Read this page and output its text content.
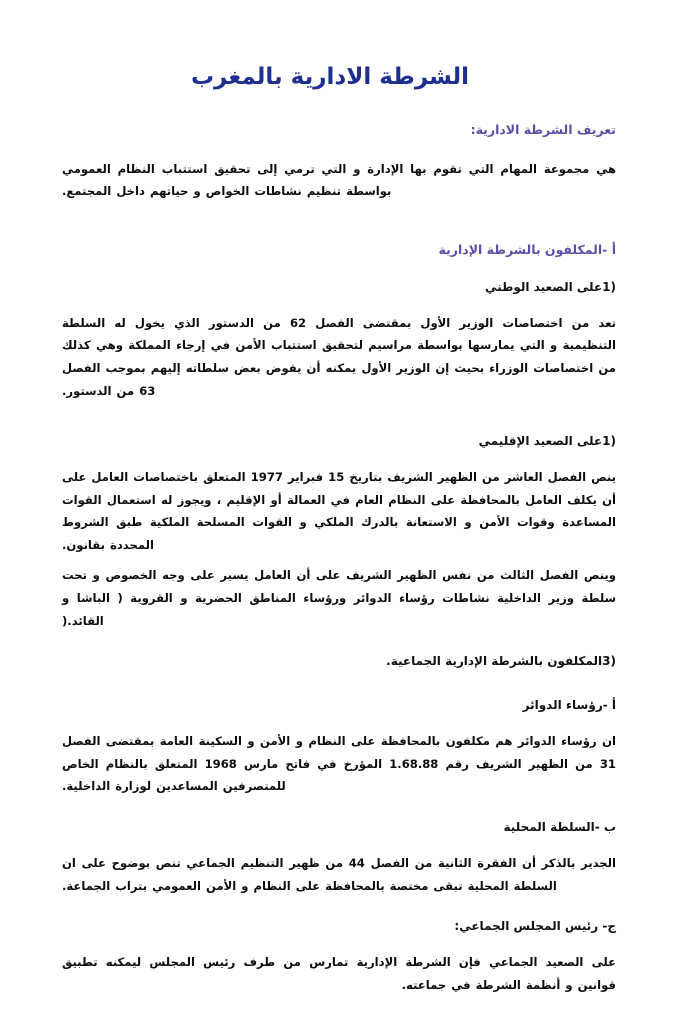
الشرطة الادارية بالمغرب
تعريف الشرطة الادارية:

هي مجموعة المهام التي تقوم بها الإدارة و التي ترمي إلى تحقيق استتباب النظام العمومي بواسطة تنظيم نشاطات الخواص و حياتهم داخل المجتمع.

أ -المكلفون بالشرطة الإدارية
(1على الصعيد الوطني

تعد من اختصاصات الوزير الأول بمقتضى الفصل 62 من الدستور الذي يخول له السلطة التنظيمية و التي يمارسها بواسطة مراسيم لتحقيق استتباب الأمن في إرجاء المملكة وهي كذلك من اختصاصات الوزراء بحيث إن الوزير الأول يمكنه أن يفوض بعض سلطاته إليهم بموجب الفصل 63 من الدستور.

(1على الصعيد الإقليمي

ينص الفصل العاشر من الظهير الشريف بتاريخ 15 فبراير 1977 المتعلق باختصاصات العامل على أن يكلف العامل بالمحافظة على النظام العام في العمالة أو الإقليم ، ويجوز له استعمال القوات المساعدة وقوات الأمن و الاستعانة بالدرك الملكي و القوات المسلحة الملكية طبق الشروط المحددة بقانون.

وينص الفصل الثالث من نفس الظهير الشريف على أن العامل يسير على وجه الخصوص و تحت سلطة وزير الداخلية نشاطات رؤساء الدوائر ورؤساء المناطق الحضرية و القروية ( الباشا و القائد.(

(3المكلفون بالشرطة الإدارية الجماعية.
أ -رؤساء الدوائر

ان رؤساء الدوائر هم مكلفون بالمحافظة على النظام و الأمن و السكينة العامة بمقتضى الفصل 31 من الظهير الشريف رقم 1.68.88 المؤرخ في فاتح مارس 1968 المتعلق بالنظام الخاص للمتصرفين المساعدين لوزارة الداخلية.

ب -السلطة المحلية

الجدير بالذكر أن الفقرة الثانية من الفصل 44 من ظهير التنظيم الجماعي تنص بوضوح على ان السلطة المحلية تبقى مختصة بالمحافظة على النظام و الأمن العمومي بتراب الجماعة.

ج- رئيس المجلس الجماعي:

على الصعيد الجماعي فإن الشرطة الإدارية تمارس من طرف رئيس المجلس ليمكنه تطبيق قوانين و أنظمة الشرطة في جماعته.
